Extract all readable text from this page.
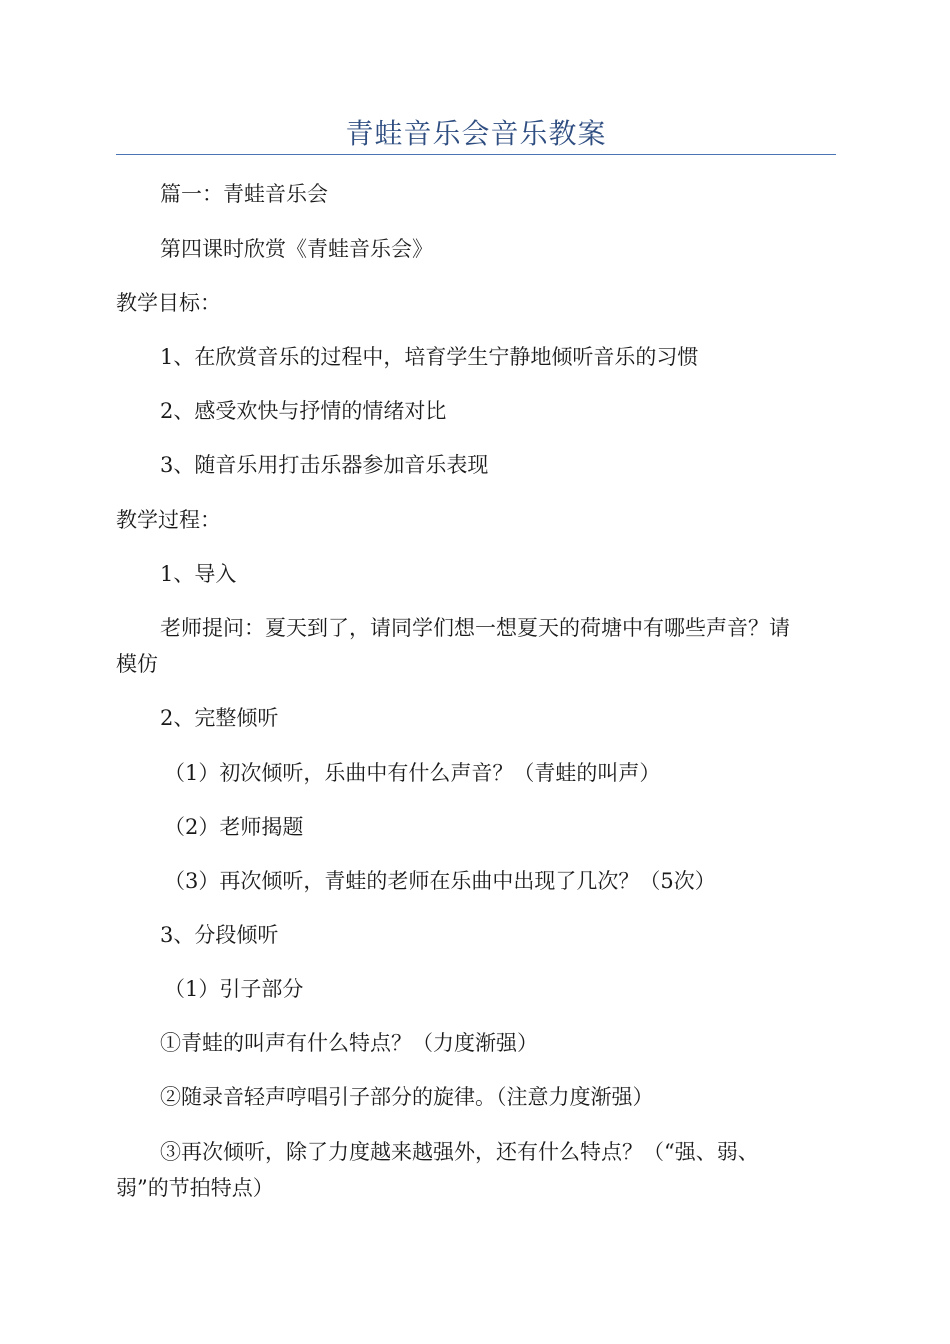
青蛙音乐会音乐教案
篇一：青蛙音乐会
第四课时欣赏《青蛙音乐会》
教学目标：
1、在欣赏音乐的过程中，培育学生宁静地倾听音乐的习惯
2、感受欢快与抒情的情绪对比
3、随音乐用打击乐器参加音乐表现
教学过程：
1、导入
老师提问：夏天到了，请同学们想一想夏天的荷塘中有哪些声音？请
模仿
2、完整倾听
（1）初次倾听，乐曲中有什么声音？（青蛙的叫声）
（2）老师揭题
（3）再次倾听，青蛙的老师在乐曲中出现了几次？（5次）
3、分段倾听
（1）引子部分
①青蛙的叫声有什么特点？（力度渐强）
②随录音轻声哼唱引子部分的旋律。（注意力度渐强）
③再次倾听，除了力度越来越强外，还有什么特点？（“强、弱、
弱”的节拍特点）
